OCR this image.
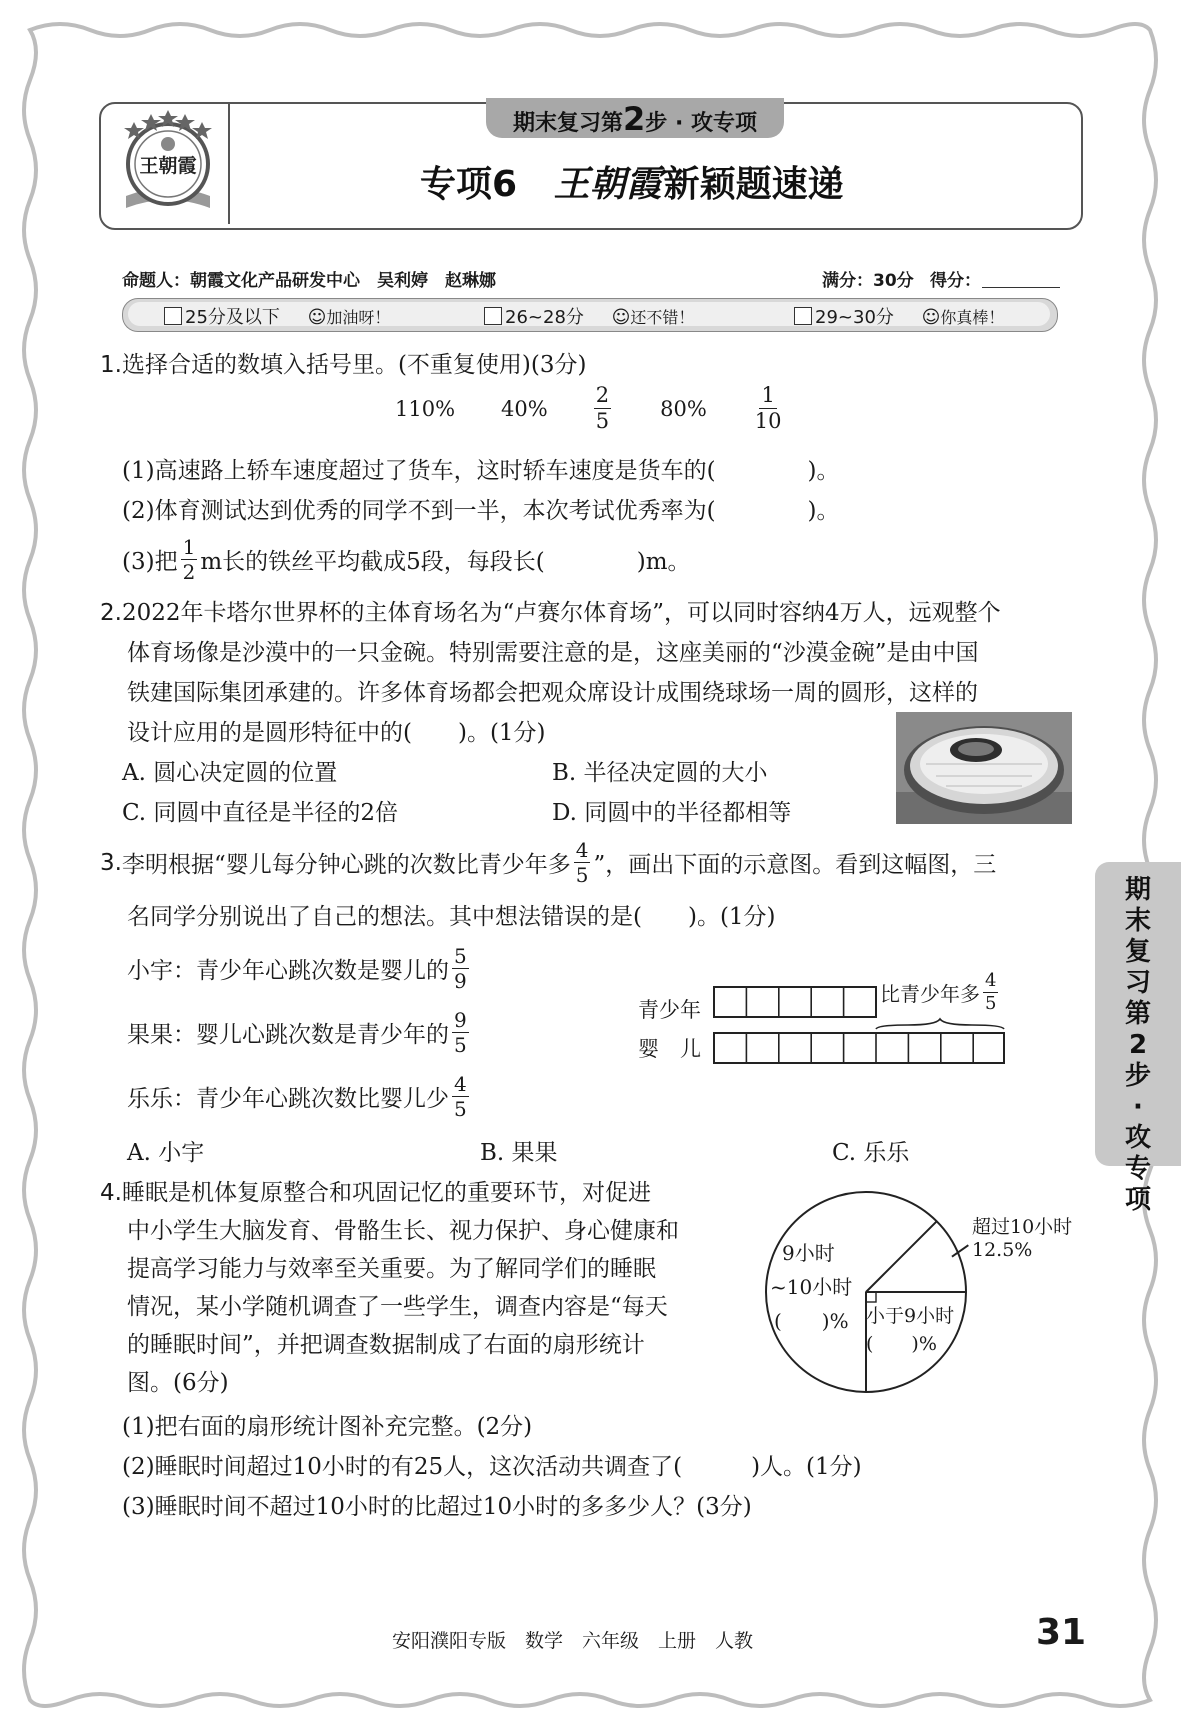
王朝霞
期末复习第2步 · 攻专项
专项6 王朝霞新颖题速递
命题人：朝霞文化产品研发中心　吴利婷　赵琳娜	满分：30分 得分：
25分及以下 ☺加油呀！	26~28分 ☺还不错！	29~30分 ☺你真棒！
1.选择合适的数填入括号里。(不重复使用)(3分)
110% $40\% \frac{2}{5} 80\% \frac{1}{10}$
(1)高速路上轿车速度超过了货车，这时轿车速度是货车的(　　　　)。
(2)体育测试达到优秀的同学不到一半，本次考试优秀率为(　　　　)。
(3)把 $\frac{1}{2}$ m长的铁丝平均截成5段，每段长(　　　　)m。
2.2022年卡塔尔世界杯的主体育场名为“卢赛尔体育场”，可以同时容纳4万人，远观整个
体育场像是沙漠中的一只金碗。特别需要注意的是，这座美丽的“沙漠金碗”是由中国
铁建国际集团承建的。许多体育场都会把观众席设计成围绕球场一周的圆形，这样的
设计应用的是圆形特征中的(　　)。(1分)
A. 圆心决定圆的位置	B. 半径决定圆的大小
C. 同圆中直径是半径的2倍	D. 同圆中的半径都相等
3. 李明根据“婴儿每分钟心跳的次数比青少年多 $\frac{4}{5}$ ”，画出下面的示意图。看到这幅图，三
名同学分别说出了自己的想法。其中想法错误的是(　　)。(1分)
小宇：青少年心跳次数是婴儿的 $\frac{5}{9}$
果果：婴儿心跳次数是青少年的 $\frac{9}{5}$
乐乐：青少年心跳次数比婴儿少 $\frac{4}{5}$
青少年
婴　儿
比青少年多 $\frac{4}{5}$
A. 小宇	B. 果果	C. 乐乐
4.睡眠是机体复原整合和巩固记忆的重要环节，对促进
中小学生大脑发育、骨骼生长、视力保护、身心健康和
提高学习能力与效率至关重要。为了解同学们的睡眠
情况，某小学随机调查了一些学生，调查内容是“每天
的睡眠时间”，并把调查数据制成了右面的扇形统计
图。(6分)
(1)把右面的扇形统计图补充完整。(2分)
(2)睡眠时间超过10小时的有25人，这次活动共调查了(　　　)人。(1分)
(3)睡眠时间不超过10小时的比超过10小时的多多少人？(3分)
超过10小时
12.5%
9小时
~10小时
(　　)% 小于9小时
(　　)%
期
末
复
习
第
2
步
·
攻
专
项
安阳濮阳专版　数学　六年级　上册　人教	31
